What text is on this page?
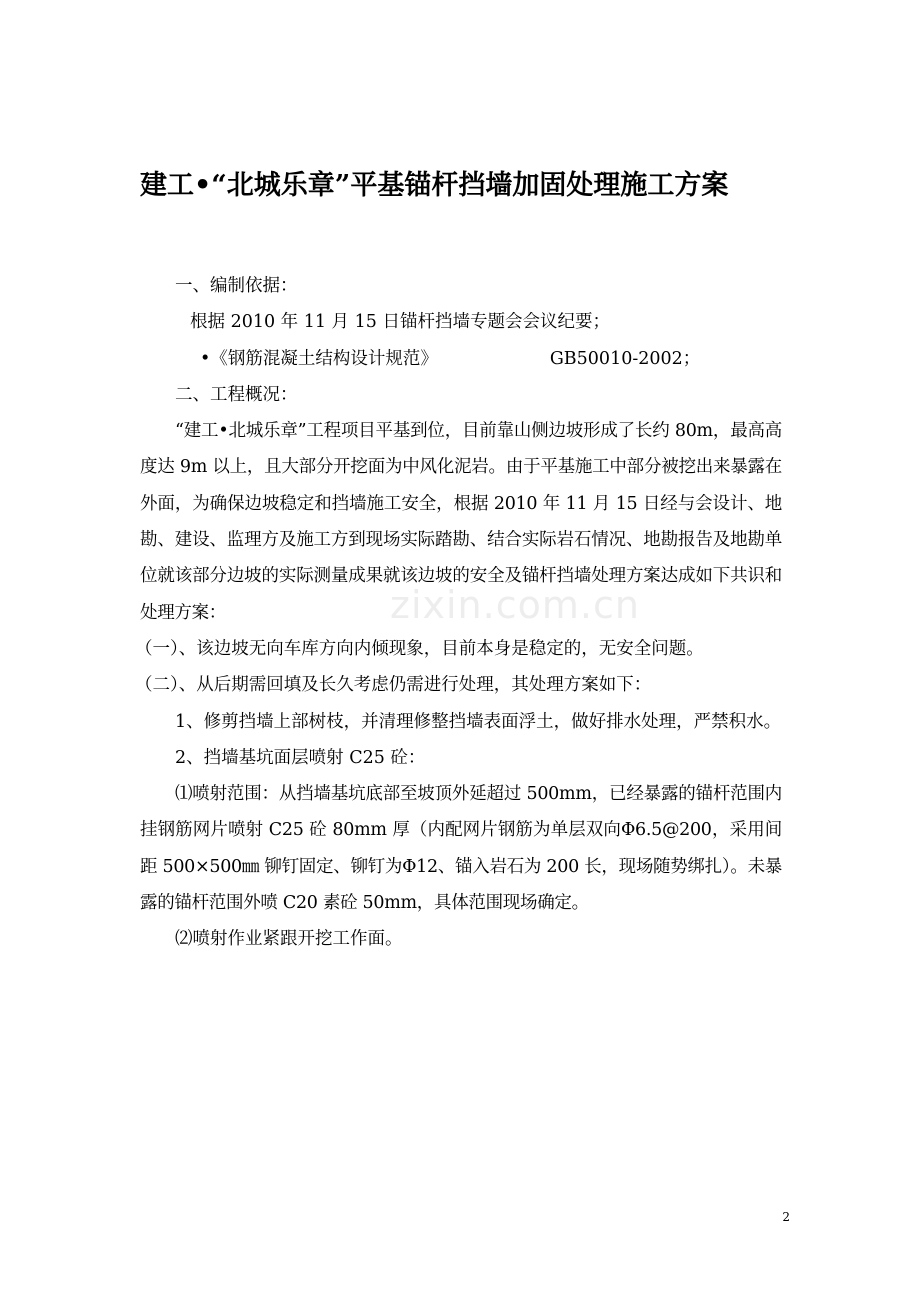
zixin.com.cn
建工•“北城乐章”平基锚杆挡墙加固处理施工方案

一、编制依据：

根据 2010 年 11 月 15 日锚杆挡墙专题会会议纪要；

•《钢筋混凝土结构设计规范》	GB50010-2002；

二、工程概况：

“建工•北城乐章”工程项目平基到位，目前靠山侧边坡形成了长约 80m，最高高度达 9m 以上，且大部分开挖面为中风化泥岩。由于平基施工中部分被挖出来暴露在外面，为确保边坡稳定和挡墙施工安全，根据 2010 年 11 月 15 日经与会设计、地勘、建设、监理方及施工方到现场实际踏勘、结合实际岩石情况、地勘报告及地勘单位就该部分边坡的实际测量成果就该边坡的安全及锚杆挡墙处理方案达成如下共识和处理方案：

（一）、该边坡无向车库方向内倾现象，目前本身是稳定的，无安全问题。

（二）、从后期需回填及长久考虑仍需进行处理，其处理方案如下：

1、修剪挡墙上部树枝，并清理修整挡墙表面浮土，做好排水处理，严禁积水。

2、挡墙基坑面层喷射 C25 砼：

⑴喷射范围：从挡墙基坑底部至坡顶外延超过 500mm，已经暴露的锚杆范围内挂钢筋网片喷射 C25 砼 80mm 厚（内配网片钢筋为单层双向Φ6.5@200，采用间距 500×500㎜ 铆钉固定、铆钉为Φ12、锚入岩石为 200 长，现场随势绑扎）。未暴露的锚杆范围外喷 C20 素砼 50mm，具体范围现场确定。

⑵喷射作业紧跟开挖工作面。

2
